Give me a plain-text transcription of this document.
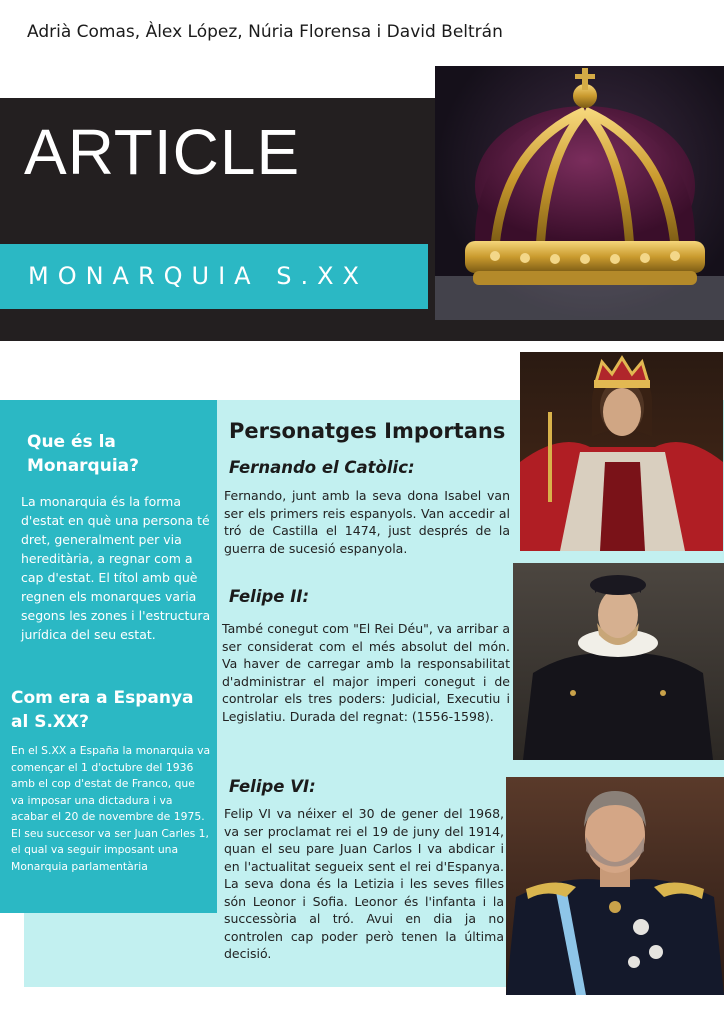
Adrià Comas, Àlex López, Núria Florensa i David Beltrán
ARTICLE
MONARQUIA S.XX
Que és la Monarquia?
La monarquia és la forma d'estat en què una persona té dret, generalment per via hereditària, a regnar com a cap d'estat. El títol amb què regnen els monarques varia segons les zones i l'estructura jurídica del seu estat.
Com era a Espanya al S.XX?
En el S.XX a España la monarquia va començar el 1 d'octubre del 1936 amb el cop d'estat de Franco, que va imposar una dictadura i va acabar el 20 de novembre de 1975. El seu succesor va ser Juan Carles 1, el qual va seguir imposant una Monarquia parlamentària
Personatges Importans
Fernando el Catòlic:
Fernando, junt amb la seva dona Isabel van ser els primers reis espanyols. Van accedir al tró de Castilla el 1474, just després de la guerra de sucesió espanyola.
Felipe II:
També conegut com "El Rei Déu", va arribar a ser considerat com el més absolut del món. Va haver de carregar amb la responsabilitat d'administrar el major imperi conegut i de controlar els tres poders: Judicial, Executiu i Legislatiu. Durada del regnat: (1556-1598).
Felipe VI:
Felip VI va néixer el 30 de gener del 1968, va ser proclamat rei el 19 de juny del 1914, quan el seu pare Juan Carlos I va abdicar i en l'actualitat segueix sent el rei d'Espanya. La seva dona és la Letizia i les seves filles són Leonor i Sofia. Leonor és l'infanta i la successòria al tró. Avui en dia ja no controlen cap poder però tenen la última decisió.
